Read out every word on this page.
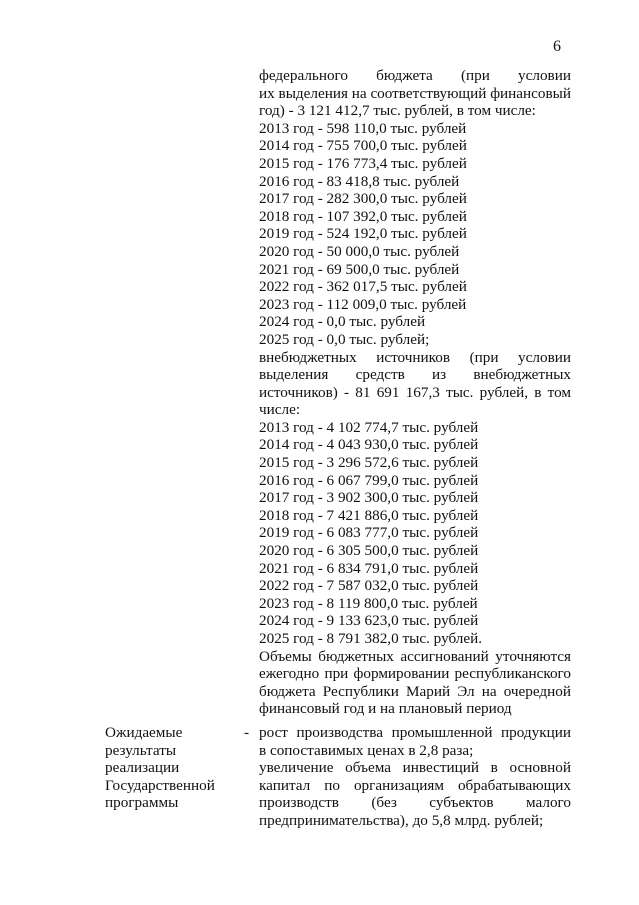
6
федерального бюджета (при условии
их выделения на соответствующий финансовый
год) - 3 121 412,7 тыс. рублей, в том числе:
2013 год - 598 110,0 тыс. рублей
2014 год - 755 700,0 тыс. рублей
2015 год - 176 773,4 тыс. рублей
2016 год - 83 418,8 тыс. рублей
2017 год - 282 300,0 тыс. рублей
2018 год - 107 392,0 тыс. рублей
2019 год - 524 192,0 тыс. рублей
2020 год - 50 000,0 тыс. рублей
2021 год - 69 500,0 тыс. рублей
2022 год - 362 017,5 тыс. рублей
2023 год - 112 009,0 тыс. рублей
2024 год - 0,0 тыс. рублей
2025 год - 0,0 тыс. рублей;
внебюджетных источников (при условии
выделения средств из внебюджетных
источников) - 81 691 167,3 тыс. рублей, в том
числе:
2013 год - 4 102 774,7 тыс. рублей
2014 год - 4 043 930,0 тыс. рублей
2015 год - 3 296 572,6 тыс. рублей
2016 год - 6 067 799,0 тыс. рублей
2017 год - 3 902 300,0 тыс. рублей
2018 год - 7 421 886,0 тыс. рублей
2019 год - 6 083 777,0 тыс. рублей
2020 год - 6 305 500,0 тыс. рублей
2021 год - 6 834 791,0 тыс. рублей
2022 год - 7 587 032,0 тыс. рублей
2023 год - 8 119 800,0 тыс. рублей
2024 год - 9 133 623,0 тыс. рублей
2025 год - 8 791 382,0 тыс. рублей.
Объемы бюджетных ассигнований уточняются
ежегодно при формировании республиканского
бюджета Республики Марий Эл на очередной
финансовый год и на плановый период
Ожидаемые
результаты
реализации
Государственной
программы
- рост производства промышленной продукции
в сопоставимых ценах в 2,8 раза;
увеличение объема инвестиций в основной
капитал по организациям обрабатывающих
производств (без субъектов малого
предпринимательства), до 5,8 млрд. рублей;
